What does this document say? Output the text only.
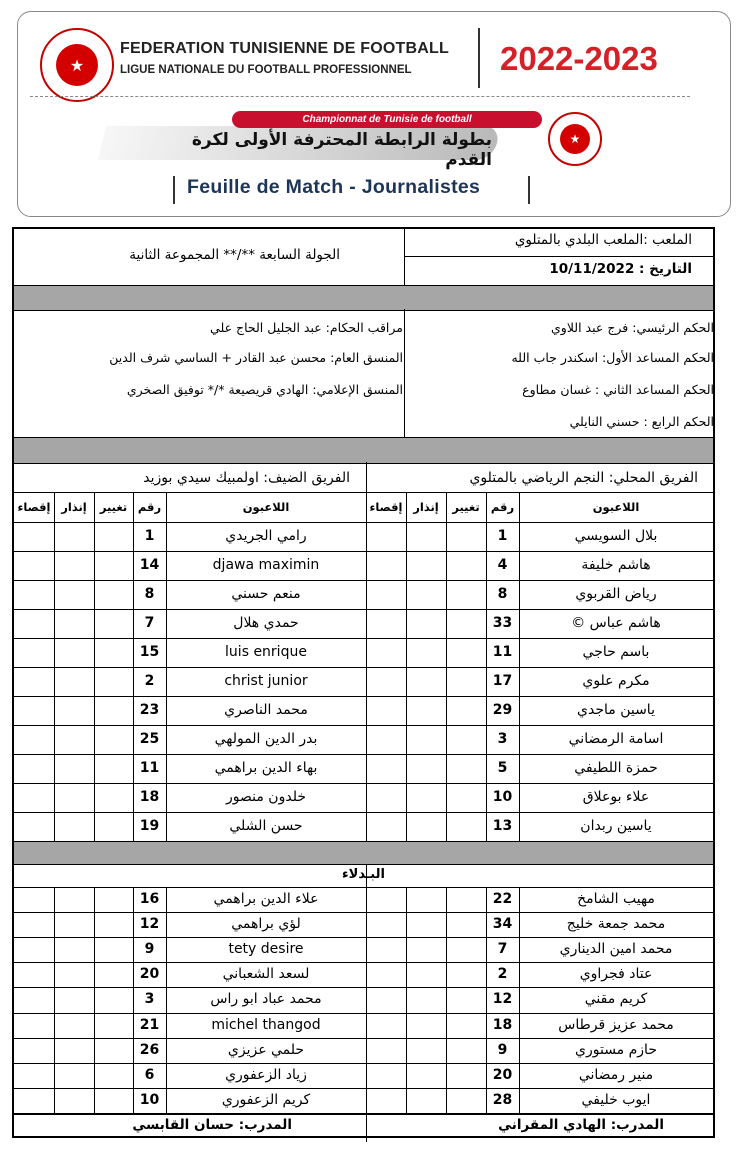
★
FEDERATION TUNISIENNE DE FOOTBALL
LIGUE NATIONALE DU FOOTBALL PROFESSIONNEL	2022-2023
Championnat de Tunisie de football
بطولة الرابطة المحترفة الأولى لكرة القدم
★
Feuille de Match - Journalistes
الملعب :الملعب البلدي بالمتلوي
التاريخ : 10/11/2022
الجولة السابعة **/** المجموعة الثانية
الحكم الرئيسي: فرج عبد اللاوي
الحكم المساعد الأول: اسكندر جاب الله
الحكم المساعد الثاني : غسان مطاوع
الحكم الرابع : حسني النايلي
مراقب الحكام: عبد الجليل الحاج علي
المنسق العام: محسن عبد القادر + الساسي شرف الدين
المنسق الإعلامي: الهادي قريصيعة */* توفيق الصخري
الفريق المحلي: النجم الرياضي بالمتلوي
الفريق الضيف: اولمبيك سيدي بوزيد
البـدلاء
المدرب: الهادي المقراني
المدرب: حسان القابسي
اللاعبون
رقم
تغيير
إنذار
إقصاء
اللاعبون
رقم
تغيير
إنذار
إقصاء
بلال السويسي
1
رامي الجريدي
1
هاشم خليفة
4
djawa maximin
14
رياض القربوي
8
منعم حسني
8
هاشم عباس ©
33
حمدي هلال
7
باسم حاجي
11
luis enrique
15
مكرم علوي
17
christ junior
2
ياسين ماجدي
29
محمد الناصري
23
اسامة الرمضاني
3
بدر الدين المولهي
25
حمزة اللطيفي
5
بهاء الدين براهمي
11
علاء بوعلاق
10
خلدون منصور
18
ياسين ربدان
13
حسن الشلي
19
مهيب الشامخ
22
علاء الدين براهمي
16
محمد جمعة خليج
34
لؤي براهمي
12
محمد امين الديناري
7
tety desire
9
عتاد فجراوي
2
لسعد الشعباني
20
كريم مقني
12
محمد عباد ابو راس
3
محمد عزيز قرطاس
18
michel thangod
21
حازم مستوري
9
حلمي عزيزي
26
منير رمضاني
20
زياد الزعفوري
6
ايوب خليفي
28
كريم الزعفوري
10
